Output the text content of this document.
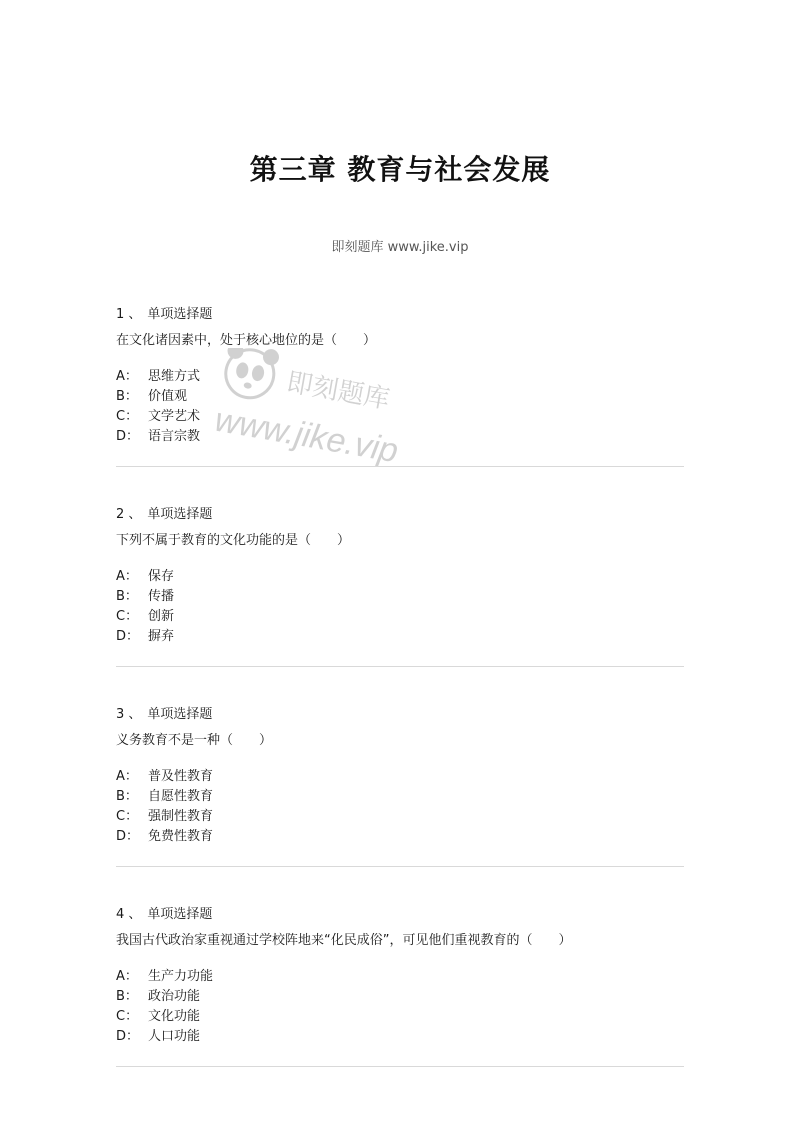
第三章 教育与社会发展
即刻题库 www.jike.vip
即刻题库
www.jike.vip
1 、 单项选择题
在文化诸因素中，处于核心地位的是（　　）
A： 思维方式
B： 价值观
C： 文学艺术
D： 语言宗教
2 、 单项选择题
下列不属于教育的文化功能的是（　　）
A： 保存
B： 传播
C： 创新
D： 摒弃
3 、 单项选择题
义务教育不是一种（　　）
A： 普及性教育
B： 自愿性教育
C： 强制性教育
D： 免费性教育
4 、 单项选择题
我国古代政治家重视通过学校阵地来“化民成俗”，可见他们重视教育的（　　）
A： 生产力功能
B： 政治功能
C： 文化功能
D： 人口功能
